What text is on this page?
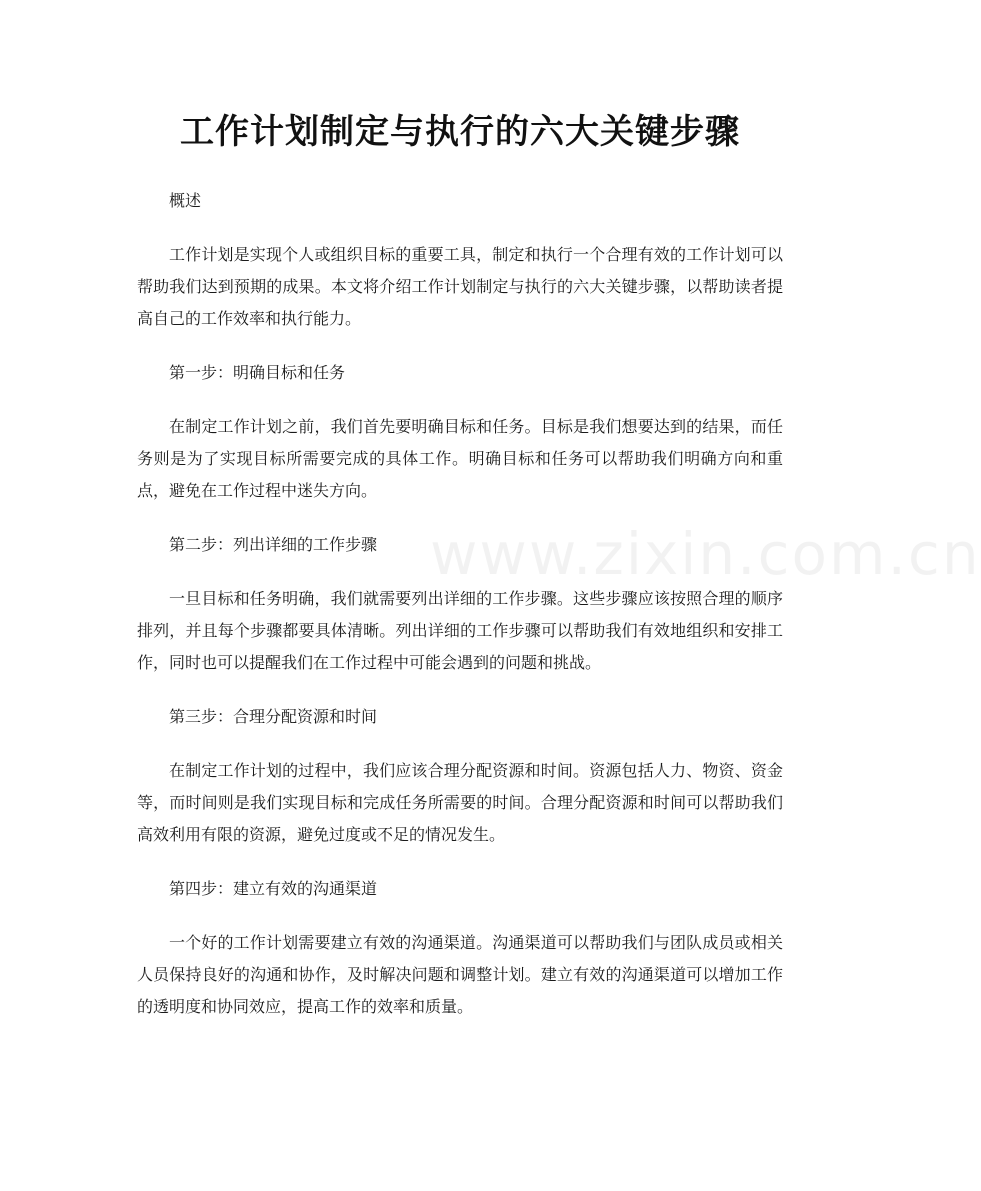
www.zixin.com.cn
工作计划制定与执行的六大关键步骤

概述

工作计划是实现个人或组织目标的重要工具，制定和执行一个合理有效的工作计划可以帮助我们达到预期的成果。本文将介绍工作计划制定与执行的六大关键步骤，以帮助读者提高自己的工作效率和执行能力。

第一步：明确目标和任务

在制定工作计划之前，我们首先要明确目标和任务。目标是我们想要达到的结果，而任务则是为了实现目标所需要完成的具体工作。明确目标和任务可以帮助我们明确方向和重点，避免在工作过程中迷失方向。

第二步：列出详细的工作步骤

一旦目标和任务明确，我们就需要列出详细的工作步骤。这些步骤应该按照合理的顺序排列，并且每个步骤都要具体清晰。列出详细的工作步骤可以帮助我们有效地组织和安排工作，同时也可以提醒我们在工作过程中可能会遇到的问题和挑战。

第三步：合理分配资源和时间

在制定工作计划的过程中，我们应该合理分配资源和时间。资源包括人力、物资、资金等，而时间则是我们实现目标和完成任务所需要的时间。合理分配资源和时间可以帮助我们高效利用有限的资源，避免过度或不足的情况发生。

第四步：建立有效的沟通渠道

一个好的工作计划需要建立有效的沟通渠道。沟通渠道可以帮助我们与团队成员或相关人员保持良好的沟通和协作，及时解决问题和调整计划。建立有效的沟通渠道可以增加工作的透明度和协同效应，提高工作的效率和质量。
